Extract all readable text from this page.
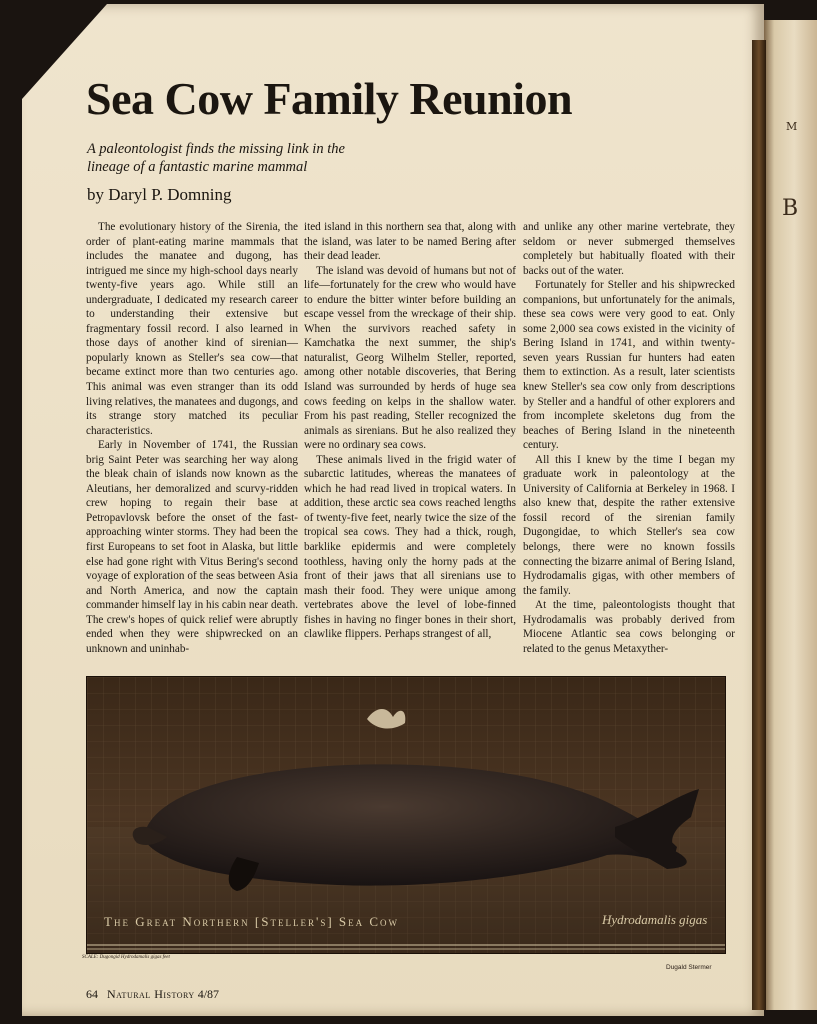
M
B
Sea Cow Family Reunion
A paleontologist finds the missing link in the lineage of a fantastic marine mammal
by Daryl P. Domning

The evolutionary history of the Sirenia, the order of plant-eating marine mammals that includes the manatee and dugong, has intrigued me since my high-school days nearly twenty-five years ago. While still an undergraduate, I dedicated my research career to understanding their extensive but fragmentary fossil record. I also learned in those days of another kind of sirenian—popularly known as Steller's sea cow—that became extinct more than two centuries ago. This animal was even stranger than its odd living relatives, the manatees and dugongs, and its strange story matched its peculiar characteristics.

Early in November of 1741, the Russian brig Saint Peter was searching her way along the bleak chain of islands now known as the Aleutians, her demoralized and scurvy-ridden crew hoping to regain their base at Petropavlovsk before the onset of the fast-approaching winter storms. They had been the first Europeans to set foot in Alaska, but little else had gone right with Vitus Bering's second voyage of exploration of the seas between Asia and North America, and now the captain commander himself lay in his cabin near death. The crew's hopes of quick relief were abruptly ended when they were shipwrecked on an unknown and uninhab-

ited island in this northern sea that, along with the island, was later to be named Bering after their dead leader.

The island was devoid of humans but not of life—fortunately for the crew who would have to endure the bitter winter before building an escape vessel from the wreckage of their ship. When the survivors reached safety in Kamchatka the next summer, the ship's naturalist, Georg Wilhelm Steller, reported, among other notable discoveries, that Bering Island was surrounded by herds of huge sea cows feeding on kelps in the shallow water. From his past reading, Steller recognized the animals as sirenians. But he also realized they were no ordinary sea cows.

These animals lived in the frigid water of subarctic latitudes, whereas the manatees of which he had read lived in tropical waters. In addition, these arctic sea cows reached lengths of twenty-five feet, nearly twice the size of the tropical sea cows. They had a thick, rough, barklike epidermis and were completely toothless, having only the horny pads at the front of their jaws that all sirenians use to mash their food. They were unique among vertebrates above the level of lobe-finned fishes in having no finger bones in their short, clawlike flippers. Perhaps strangest of all,

and unlike any other marine vertebrate, they seldom or never submerged themselves completely but habitually floated with their backs out of the water.

Fortunately for Steller and his shipwrecked companions, but unfortunately for the animals, these sea cows were very good to eat. Only some 2,000 sea cows existed in the vicinity of Bering Island in 1741, and within twenty-seven years Russian fur hunters had eaten them to extinction. As a result, later scientists knew Steller's sea cow only from descriptions by Steller and a handful of other explorers and from incomplete skeletons dug from the beaches of Bering Island in the nineteenth century.

All this I knew by the time I began my graduate work in paleontology at the University of California at Berkeley in 1968. I also knew that, despite the rather extensive fossil record of the sirenian family Dugongidae, to which Steller's sea cow belongs, there were no known fossils connecting the bizarre animal of Bering Island, Hydrodamalis gigas, with other members of the family.

At the time, paleontologists thought that Hydrodamalis was probably derived from Miocene Atlantic sea cows belonging or related to the genus Metaxyther-

The Great Northern [Steller's] Sea Cow	Hydrodamalis gigas
SCALE: Dugongid Hydrodamalis gigas feet
Dugald Stermer
64 Natural History 4/87
